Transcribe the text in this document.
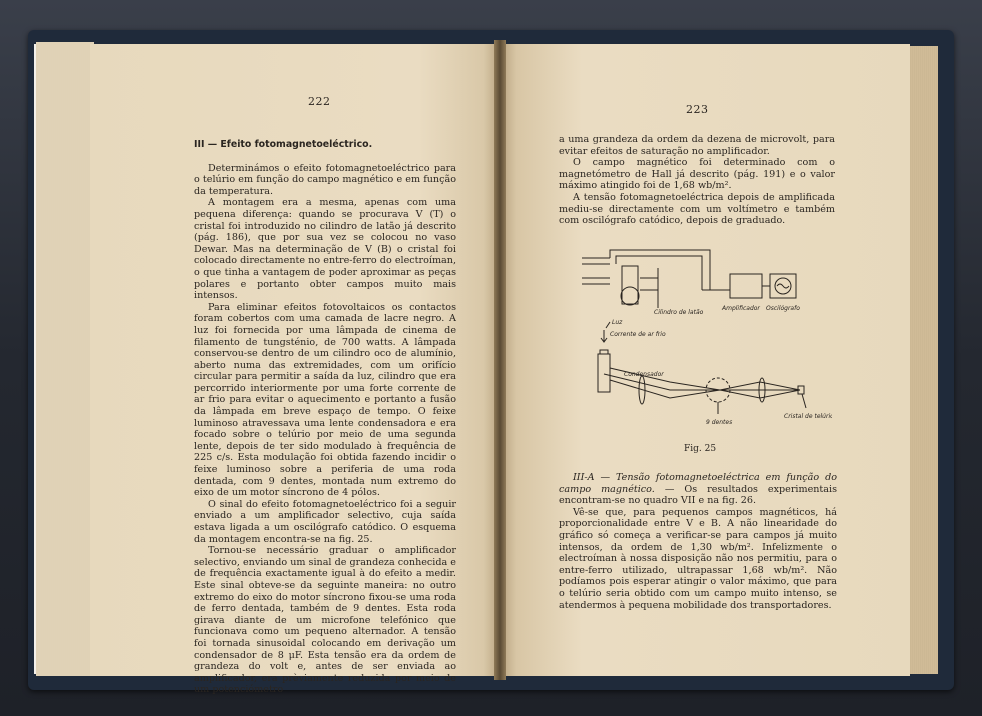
222
223
III — Efeito fotomagnetoeléctrico.

Determinámos o efeito fotomagnetoeléctrico para o telúrio em função do campo magnético e em função da temperatura.

A montagem era a mesma, apenas com uma pequena diferença: quando se procurava V (T) o cristal foi introduzido no cilindro de latão já descrito (pág. 186), que por sua vez se colocou no vaso Dewar. Mas na determinação de V (B) o cristal foi colocado directamente no entre-ferro do electroíman, o que tinha a vantagem de poder aproximar as peças polares e portanto obter campos muito mais intensos.

Para eliminar efeitos fotovoltaicos os contactos foram cobertos com uma camada de lacre negro. A luz foi fornecida por uma lâmpada de cinema de filamento de tungsténio, de 700 watts. A lâmpada conservou-se dentro de um cilindro oco de alumínio, aberto numa das extremidades, com um orifício circular para permitir a saída da luz, cilindro que era percorrido interiormente por uma forte corrente de ar frio para evitar o aquecimento e portanto a fusão da lâmpada em breve espaço de tempo. O feixe luminoso atravessava uma lente condensadora e era focado sobre o telúrio por meio de uma segunda lente, depois de ter sido modulado à frequência de 225 c/s. Esta modulação foi obtida fazendo incidir o feixe luminoso sobre a periferia de uma roda dentada, com 9 dentes, montada num extremo do eixo de um motor síncrono de 4 pólos.

O sinal do efeito fotomagnetoeléctrico foi a seguir enviado a um amplificador selectivo, cuja saída estava ligada a um oscilógrafo catódico. O esquema da montagem encontra-se na fig. 25.

Tornou-se necessário graduar o amplificador selectivo, enviando um sinal de grandeza conhecida e de frequência exactamente igual à do efeito a medir. Este sinal obteve-se da seguinte maneira: no outro extremo do eixo do motor síncrono fixou-se uma roda de ferro dentada, também de 9 dentes. Esta roda girava diante de um microfone telefónico que funcionava como um pequeno alternador. A tensão foi tornada sinusoidal colocando em derivação um condensador de 8 μF. Esta tensão era da ordem de grandeza do volt e, antes de ser enviada ao amplificador, era prèviamente reduzida por meio de um potenciómetro

a uma grandeza da ordem da dezena de microvolt, para evitar efeitos de saturação no amplificador.

O campo magnético foi determinado com o magnetómetro de Hall já descrito (pág. 191) e o valor máximo atingido foi de 1,68 wb/m².

A tensão fotomagnetoeléctrica depois de amplificada mediu-se directamente com um voltímetro e também com oscilógrafo catódico, depois de graduado.

Cilindro de latão
Amplificador Oscilógrafo
Luz
Corrente de ar frio
Condensador
9 dentes
Cristal de telúrio
Fig. 25

III-A — Tensão fotomagnetoeléctrica em função do campo magnético. — Os resultados experimentais encontram-se no quadro VII e na fig. 26.

Vê-se que, para pequenos campos magnéticos, há proporcionalidade entre V e B. A não linearidade do gráfico só começa a verificar-se para campos já muito intensos, da ordem de 1,30 wb/m². Infelizmente o electroíman à nossa disposição não nos permitiu, para o entre-ferro utilizado, ultrapassar 1,68 wb/m². Não podíamos pois esperar atingir o valor máximo, que para o telúrio seria obtido com um campo muito intenso, se atendermos à pequena mobilidade dos transportadores.
